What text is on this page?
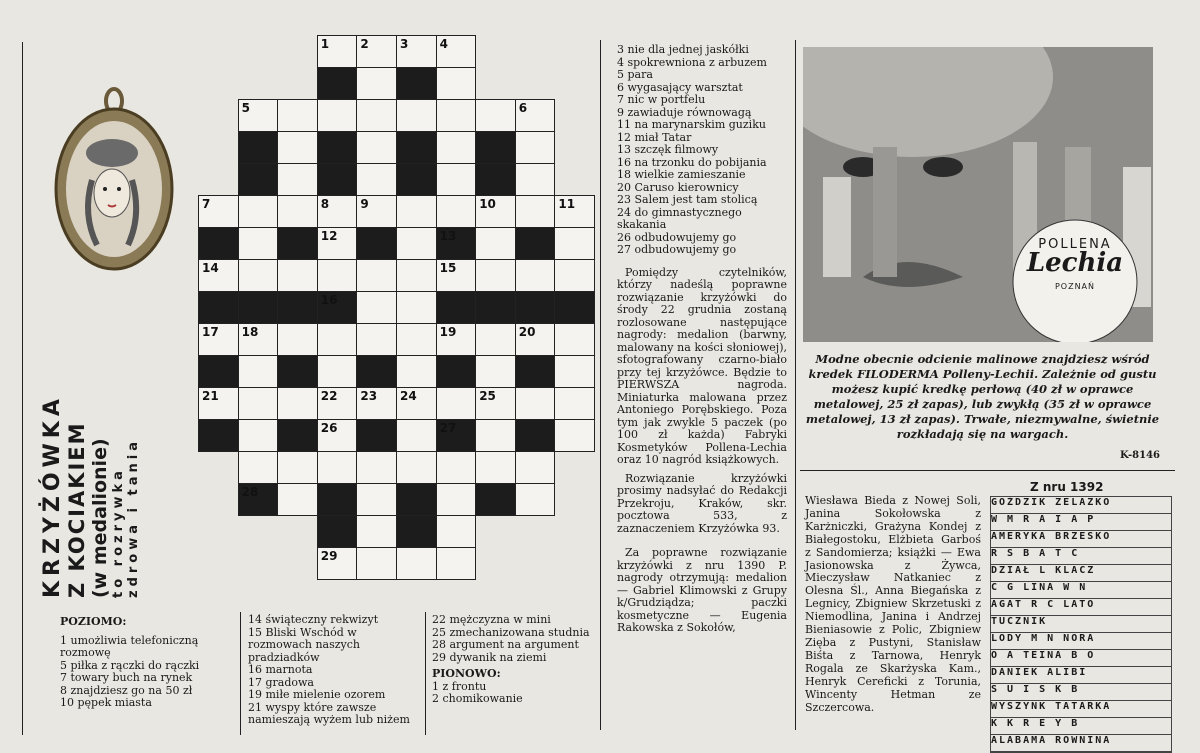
KRZYŻÓWKA Z KOCIAKIEM (w medalionie) to rozrywka zdrowa i tania
1	2	3	4
5	6
7	8	9	10	11
12	13
14	15
16
17 18	19	20
21	22 23 24	25
26	27
28
29

POZIOMO:

1 umożliwia telefoniczną rozmowę

5 piłka z rączki do rączki

7 towary buch na rynek

8 znajdziesz go na 50 zł

10 pępek miasta

14 świąteczny rekwizyt

15 Bliski Wschód w rozmowach naszych pradziadków

16 marnota

17 gradowa

19 miłe mielenie ozorem

21 wyspy które zawsze namieszają wyżem lub niżem

22 mężczyzna w mini

25 zmechanizowana studnia

28 argument na argument

29 dywanik na ziemi

PIONOWO:

1 z frontu

2 chomikowanie

3 nie dla jednej jaskółki

4 spokrewniona z arbuzem

5 para

6 wygasający warsztat

7 nic w portfelu

9 zawiaduje równowagą

11 na marynarskim guziku

12 miał Tatar

13 szczęk filmowy

16 na trzonku do pobijania

18 wielkie zamieszanie

20 Caruso kierownicy

23 Salem jest tam stolicą

24 do gimnastycznego skakania

26 odbudowujemy go

27 odbudowujemy go

Pomiędzy czytelników, którzy nadeślą poprawne rozwiązanie krzyżówki do środy 22 grudnia zostaną rozlosowane następujące nagrody: medalion (barwny, malowany na kości słoniowej), sfotografowany czarno-biało przy tej krzyżówce. Będzie to PIERWSZA nagroda. Miniaturka malowana przez Antoniego Porębskiego. Poza tym jak zwykle 5 paczek (po 100 zł każda) Fabryki Kosmetyków Pollena-Lechia oraz 10 nagród książkowych.

Rozwiązanie krzyżówki prosimy nadsyłać do Redakcji Przekroju, Kraków, skr. pocztowa 533, z zaznaczeniem Krzyżówka 93.

Za poprawne rozwiązanie krzyżówki z nru 1390 P. nagrody otrzymują: medalion — Gabriel Klimowski z Grupy k/Grudziądza; paczki kosmetyczne — Eugenia Rakowska z Sokołów,

POLLENA
Lechia
POZNAŃ

Modne obecnie odcienie malinowe znajdziesz wśród kredek FILODERMA Polleny-Lechii. Zależnie od gustu możesz kupić kredkę perłową (40 zł w oprawce metalowej, 25 zł zapas), lub zwykłą (35 zł w oprawce metalowej, 13 zł zapas). Trwałe, niezmywalne, świetnie rozkładają się na wargach.

K-8146

Wiesława Bieda z Nowej Soli, Janina Sokołowska z Karżniczki, Grażyna Kondej z Białegostoku, Elżbieta Garboś z Sandomierza; książki — Ewa Jasionowska z Żywca, Mieczysław Natkaniec z Olesna Śl., Anna Biegańska z Legnicy, Zbigniew Skrzetuski z Niemodlina, Janina i Andrzej Bieniasowie z Polic, Zbigniew Zięba z Pustyni, Stanisław Biśta z Tarnowa, Henryk Rogala ze Skarżyska Kam., Henryk Cereficki z Torunia, Wincenty Hetman ze Szczercowa.

Z nru 1392
GOŹDZIK ŻELAZKO
W M R A I A P
AMERYKA BRZESKO
R S B A T C
DZIAŁ L KLACZ
C G LINA W N
AGAT R C LATO
TUCZNIK
LODY M N NORA
O A TEINA B O
DANIEK ALIBI
S U I S K B
WYSZYNK TATARKA
K K R E Y B
ALABAMA RÓWNINA
